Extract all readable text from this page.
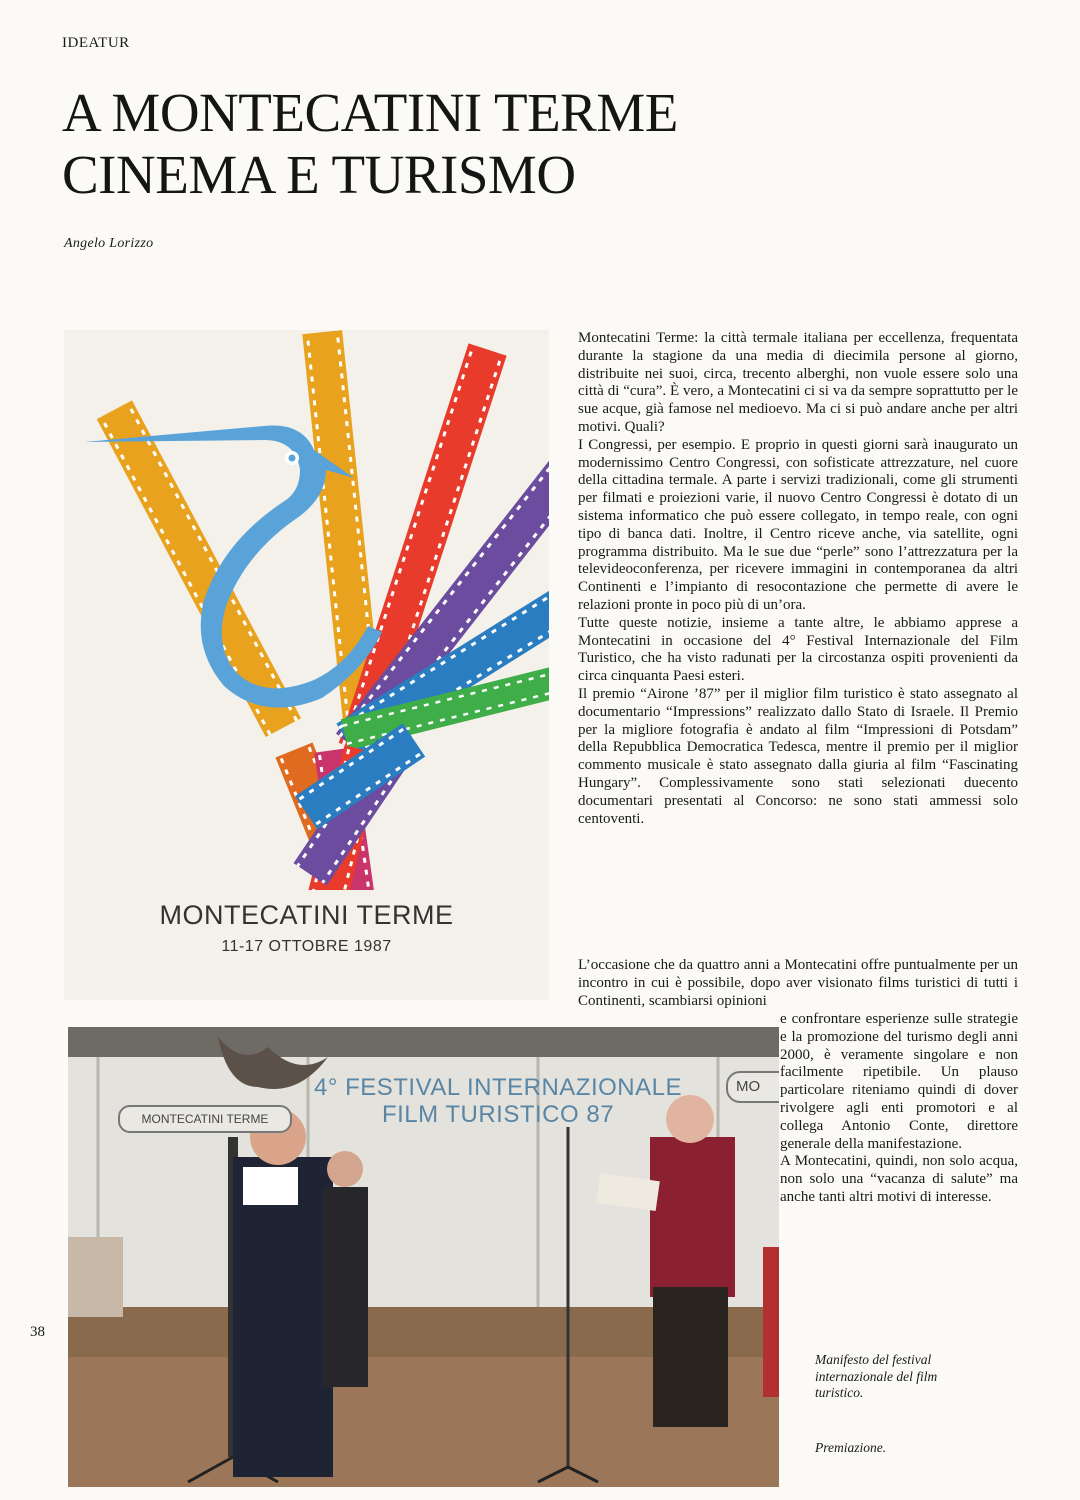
IDEATUR
A MONTECATINI TERME
CINEMA E TURISMO
Angelo Lorizzo
MONTECATINI TERME
11-17 OTTOBRE 1987

Montecatini Terme: la città termale italiana per eccellenza, frequentata durante la stagione da una media di diecimila persone al giorno, distribuite nei suoi, circa, trecento alberghi, non vuole essere solo una città di “cura”. È vero, a Montecatini ci si va da sempre soprattutto per le sue acque, già famose nel medioevo. Ma ci si può andare anche per altri motivi. Quali?

I Congressi, per esempio. E proprio in questi giorni sarà inaugurato un modernissimo Centro Congressi, con sofisticate attrezzature, nel cuore della cittadina termale. A parte i servizi tradizionali, come gli strumenti per filmati e proiezioni varie, il nuovo Centro Congressi è dotato di un sistema informatico che può essere collegato, in tempo reale, con ogni tipo di banca dati. Inoltre, il Centro riceve anche, via satellite, ogni programma distribuito. Ma le sue due “perle” sono l’attrezzatura per la televideoconferenza, per ricevere immagini in contemporanea da altri Continenti e l’impianto di resocontazione che permette di avere le relazioni pronte in poco più di un’ora.

Tutte queste notizie, insieme a tante altre, le abbiamo apprese a Montecatini in occasione del 4° Festival Internazionale del Film Turistico, che ha visto radunati per la circostanza ospiti provenienti da circa cinquanta Paesi esteri.

Il premio “Airone ’87” per il miglior film turistico è stato assegnato al documentario “Impressions” realizzato dallo Stato di Israele. Il Premio per la migliore fotografia è andato al film “Impressioni di Potsdam” della Repubblica Democratica Tedesca, mentre il premio per il miglior commento musicale è stato assegnato dalla giuria al film “Fascinating Hungary”. Complessivamente sono stati selezionati duecento documentari presentati al Concorso: ne sono stati ammessi solo centoventi.

L’occasione che da quattro anni a Montecatini offre puntualmente per un incontro in cui è possibile, dopo aver visionato films turistici di tutti i Continenti, scambiarsi opinioni

e confrontare esperienze sulle strategie e la promozione del turismo degli anni 2000, è veramente singolare e non facilmente ripetibile. Un plauso particolare riteniamo quindi di dover rivolgere agli enti promotori e al collega Antonio Conte, direttore generale della manifestazione.

A Montecatini, quindi, non solo acqua, non solo una “vacanza di salute” ma anche tanti altri motivi di interesse.

MONTECATINI TERME
4° FESTIVAL INTERNAZIONALE
FILM TURISTICO 87
MO
38

Manifesto del festival internazionale del film turistico.

Premiazione.
